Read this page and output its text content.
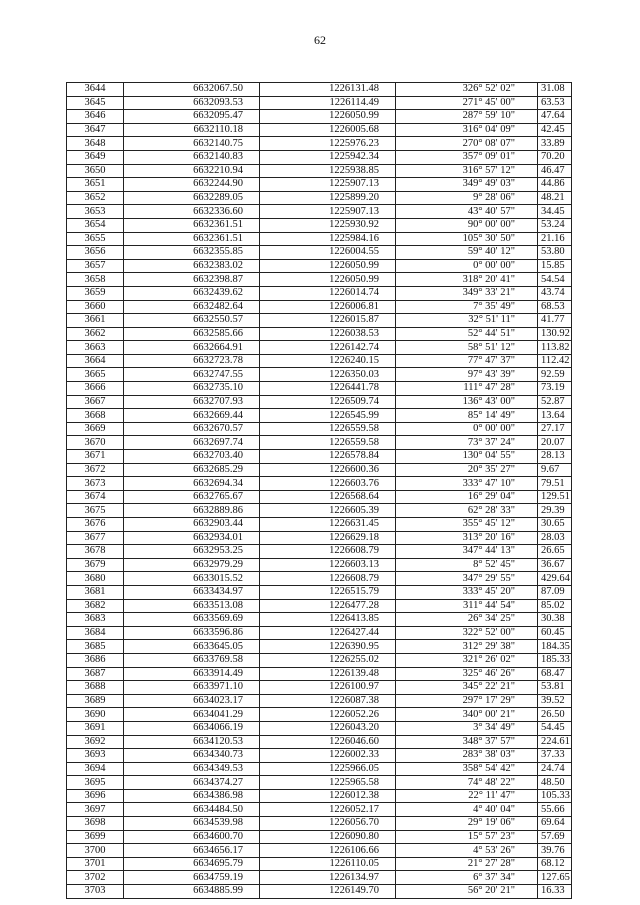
62
3644	6632067.50	1226131.48	326° 52' 02"	31.08
3645	6632093.53	1226114.49	271° 45' 00"	63.53
3646	6632095.47	1226050.99	287° 59' 10"	47.64
3647	6632110.18	1226005.68	316° 04' 09"	42.45
3648	6632140.75	1225976.23	270° 08' 07"	33.89
3649	6632140.83	1225942.34	357° 09' 01"	70.20
3650	6632210.94	1225938.85	316° 57' 12"	46.47
3651	6632244.90	1225907.13	349° 49' 03"	44.86
3652	6632289.05	1225899.20	9° 28' 06"	48.21
3653	6632336.60	1225907.13	43° 40' 57"	34.45
3654	6632361.51	1225930.92	90° 00' 00"	53.24
3655	6632361.51	1225984.16	105° 30' 50"	21.16
3656	6632355.85	1226004.55	59° 40' 12"	53.80
3657	6632383.02	1226050.99	0° 00' 00"	15.85
3658	6632398.87	1226050.99	318° 20' 41"	54.54
3659	6632439.62	1226014.74	349° 33' 21"	43.74
3660	6632482.64	1226006.81	7° 35' 49"	68.53
3661	6632550.57	1226015.87	32° 51' 11"	41.77
3662	6632585.66	1226038.53	52° 44' 51"	130.92
3663	6632664.91	1226142.74	58° 51' 12"	113.82
3664	6632723.78	1226240.15	77° 47' 37"	112.42
3665	6632747.55	1226350.03	97° 43' 39"	92.59
3666	6632735.10	1226441.78	111° 47' 28"	73.19
3667	6632707.93	1226509.74	136° 43' 00"	52.87
3668	6632669.44	1226545.99	85° 14' 49"	13.64
3669	6632670.57	1226559.58	0° 00' 00"	27.17
3670	6632697.74	1226559.58	73° 37' 24"	20.07
3671	6632703.40	1226578.84	130° 04' 55"	28.13
3672	6632685.29	1226600.36	20° 35' 27"	9.67
3673	6632694.34	1226603.76	333° 47' 10"	79.51
3674	6632765.67	1226568.64	16° 29' 04"	129.51
3675	6632889.86	1226605.39	62° 28' 33"	29.39
3676	6632903.44	1226631.45	355° 45' 12"	30.65
3677	6632934.01	1226629.18	313° 20' 16"	28.03
3678	6632953.25	1226608.79	347° 44' 13"	26.65
3679	6632979.29	1226603.13	8° 52' 45"	36.67
3680	6633015.52	1226608.79	347° 29' 55"	429.64
3681	6633434.97	1226515.79	333° 45' 20"	87.09
3682	6633513.08	1226477.28	311° 44' 54"	85.02
3683	6633569.69	1226413.85	26° 34' 25"	30.38
3684	6633596.86	1226427.44	322° 52' 00"	60.45
3685	6633645.05	1226390.95	312° 29' 38"	184.35
3686	6633769.58	1226255.02	321° 26' 02"	185.33
3687	6633914.49	1226139.48	325° 46' 26"	68.47
3688	6633971.10	1226100.97	345° 22' 21"	53.81
3689	6634023.17	1226087.38	297° 17' 29"	39.52
3690	6634041.29	1226052.26	340° 00' 21"	26.50
3691	6634066.19	1226043.20	3° 34' 49"	54.45
3692	6634120.53	1226046.60	348° 37' 57"	224.61
3693	6634340.73	1226002.33	283° 38' 03"	37.33
3694	6634349.53	1225966.05	358° 54' 42"	24.74
3695	6634374.27	1225965.58	74° 48' 22"	48.50
3696	6634386.98	1226012.38	22° 11' 47"	105.33
3697	6634484.50	1226052.17	4° 40' 04"	55.66
3698	6634539.98	1226056.70	29° 19' 06"	69.64
3699	6634600.70	1226090.80	15° 57' 23"	57.69
3700	6634656.17	1226106.66	4° 53' 26"	39.76
3701	6634695.79	1226110.05	21° 27' 28"	68.12
3702	6634759.19	1226134.97	6° 37' 34"	127.65
3703	6634885.99	1226149.70	56° 20' 21"	16.33
